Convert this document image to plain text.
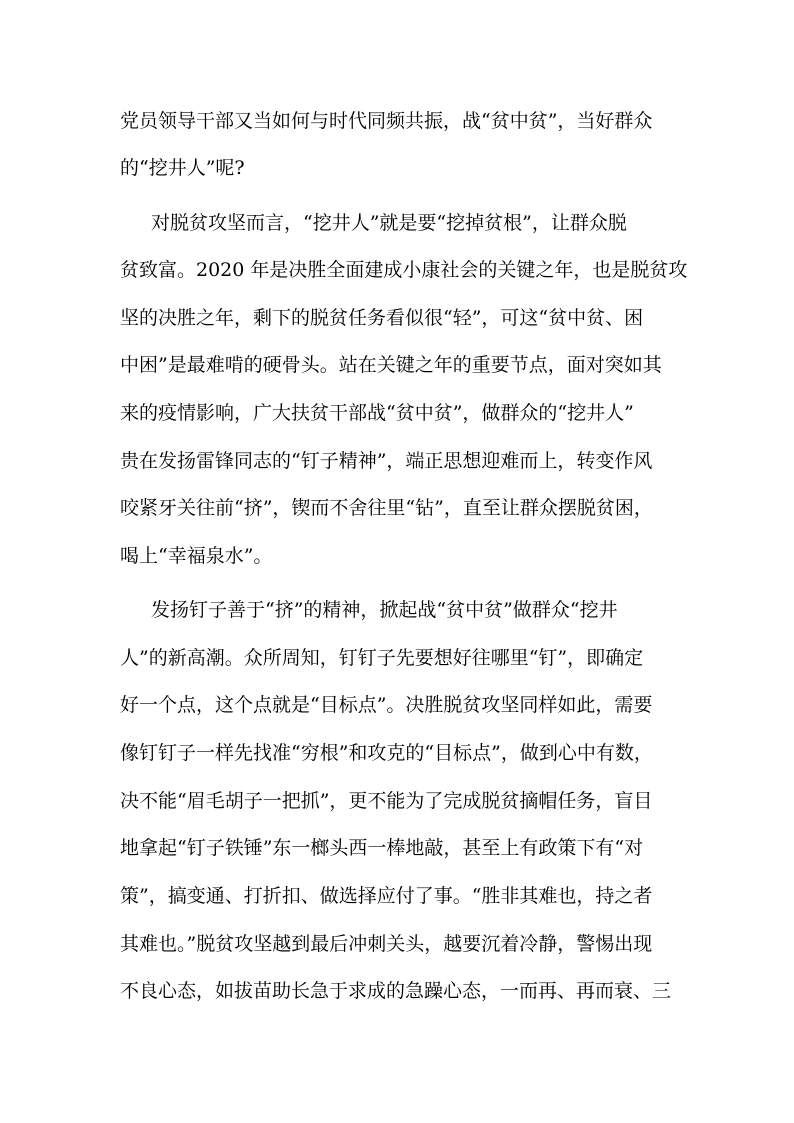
党员领导干部又当如何与时代同频共振，战“贫中贫”，当好群众

的“挖井人”呢?

对脱贫攻坚而言，“挖井人”就是要“挖掉贫根”，让群众脱

贫致富。2020 年是决胜全面建成小康社会的关键之年，也是脱贫攻

坚的决胜之年，剩下的脱贫任务看似很“轻”，可这“贫中贫、困

中困”是最难啃的硬骨头。站在关键之年的重要节点，面对突如其

来的疫情影响，广大扶贫干部战“贫中贫”，做群众的“挖井人”

贵在发扬雷锋同志的“钉子精神”，端正思想迎难而上，转变作风

咬紧牙关往前“挤”，锲而不舍往里“钻”，直至让群众摆脱贫困，

喝上“幸福泉水”。

发扬钉子善于“挤”的精神，掀起战“贫中贫”做群众“挖井

人”的新高潮。众所周知，钉钉子先要想好往哪里“钉”，即确定

好一个点，这个点就是“目标点”。决胜脱贫攻坚同样如此，需要

像钉钉子一样先找准“穷根”和攻克的“目标点”，做到心中有数，

决不能“眉毛胡子一把抓”，更不能为了完成脱贫摘帽任务，盲目

地拿起“钉子铁锤”东一榔头西一棒地敲，甚至上有政策下有“对

策”，搞变通、打折扣、做选择应付了事。“胜非其难也，持之者

其难也。”脱贫攻坚越到最后冲刺关头，越要沉着冷静，警惕出现

不良心态，如拔苗助长急于求成的急躁心态，一而再、再而衰、三
